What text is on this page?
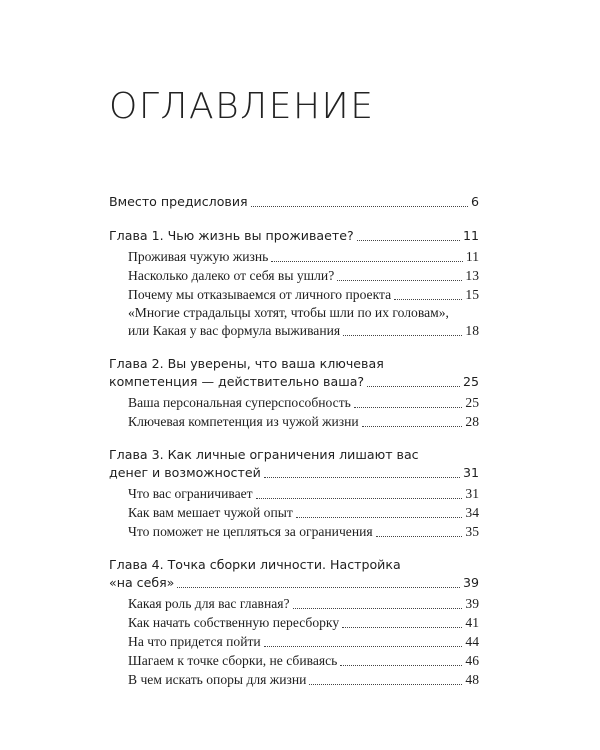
ОГЛАВЛЕНИЕ
Вместо предисловия	6
Глава 1. Чью жизнь вы проживаете?	11
Проживая чужую жизнь	11
Насколько далеко от себя вы ушли?	13
Почему мы отказываемся от личного проекта	15
«Многие страдальцы хотят, чтобы шли по их головам»,
или Какая у вас формула выживания	18
Глава 2. Вы уверены, что ваша ключевая
компетенция — действительно ваша?	25
Ваша персональная суперспособность	25
Ключевая компетенция из чужой жизни	28
Глава 3. Как личные ограничения лишают вас
денег и возможностей	31
Что вас ограничивает	31
Как вам мешает чужой опыт	34
Что поможет не цепляться за ограничения	35
Глава 4. Точка сборки личности. Настройка
«на себя»	39
Какая роль для вас главная?	39
Как начать собственную пересборку	41
На что придется пойти	44
Шагаем к точке сборки, не сбиваясь	46
В чем искать опоры для жизни	48
